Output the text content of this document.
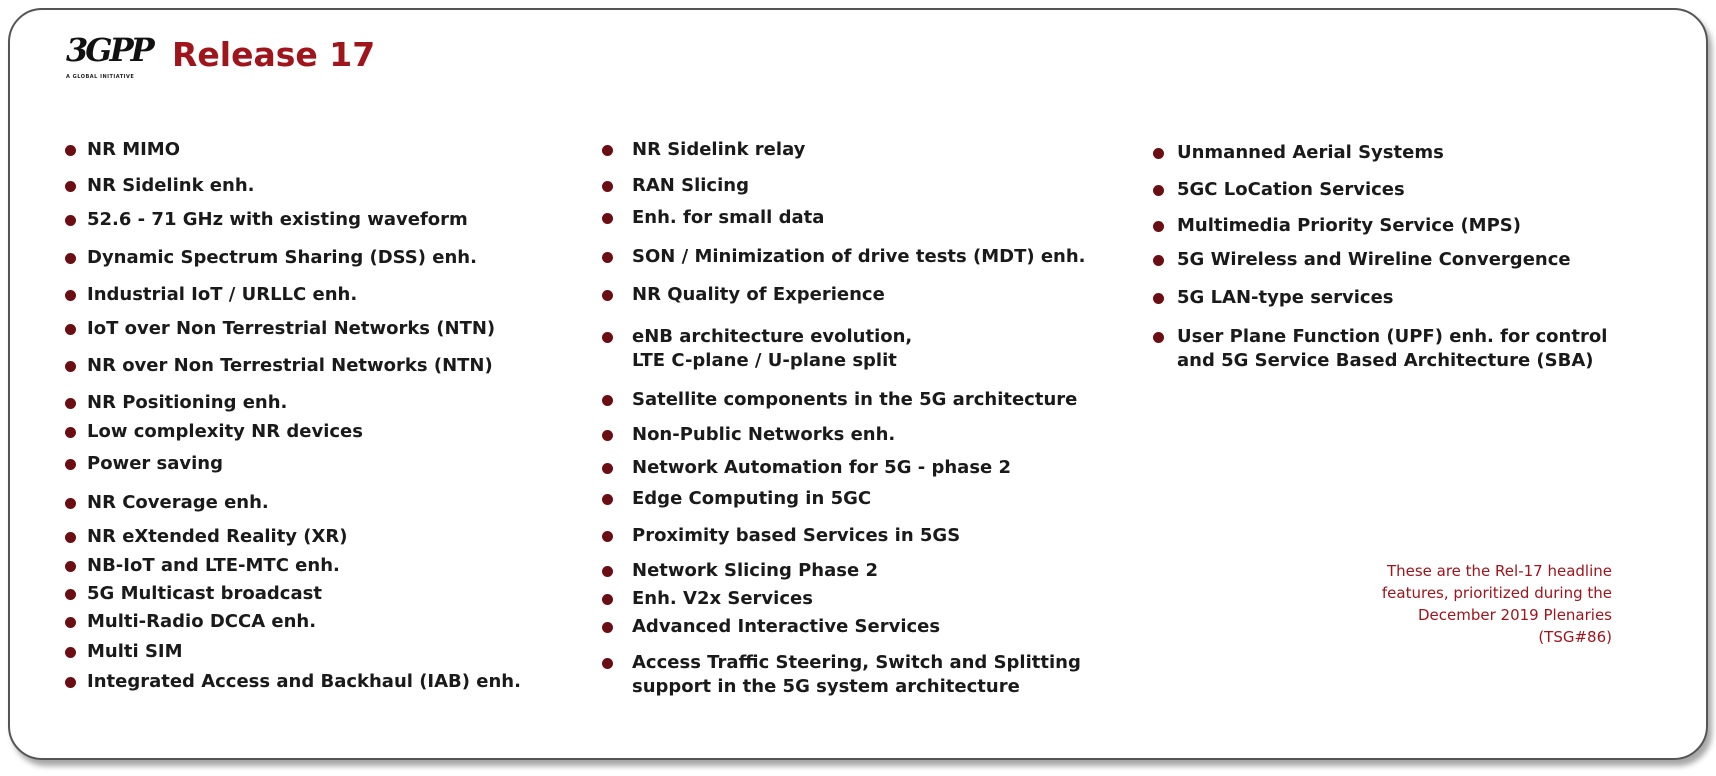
3GPP
A GLOBAL INITIATIVE
Release 17
NR MIMO
NR Sidelink enh.
52.6 - 71 GHz with existing waveform
Dynamic Spectrum Sharing (DSS) enh.
Industrial IoT / URLLC enh.
IoT over Non Terrestrial Networks (NTN)
NR over Non Terrestrial Networks (NTN)
NR Positioning enh.
Low complexity NR devices
Power saving
NR Coverage enh.
NR eXtended Reality (XR)
NB-IoT and LTE-MTC enh.
5G Multicast broadcast
Multi-Radio DCCA enh.
Multi SIM
Integrated Access and Backhaul (IAB) enh.
NR Sidelink relay
RAN Slicing
Enh. for small data
SON / Minimization of drive tests (MDT) enh.
NR Quality of Experience
eNB architecture evolution,
LTE C-plane / U-plane split
Satellite components in the 5G architecture
Non-Public Networks enh.
Network Automation for 5G - phase 2
Edge Computing in 5GC
Proximity based Services in 5GS
Network Slicing Phase 2
Enh. V2x Services
Advanced Interactive Services
Access Traffic Steering, Switch and Splitting
support in the 5G system architecture
Unmanned Aerial Systems
5GC LoCation Services
Multimedia Priority Service (MPS)
5G Wireless and Wireline Convergence
5G LAN-type services
User Plane Function (UPF) enh. for control
and 5G Service Based Architecture (SBA)
These are the Rel-17 headline
features, prioritized during the
December 2019 Plenaries
(TSG#86)
